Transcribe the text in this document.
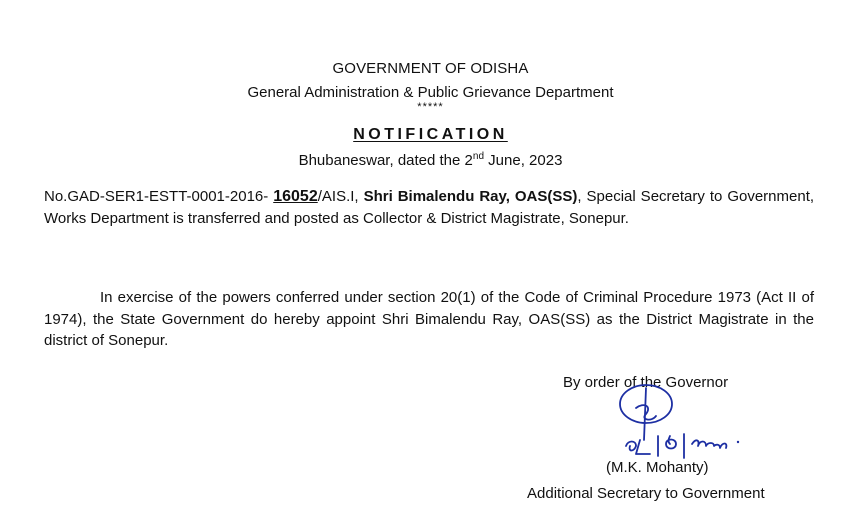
GOVERNMENT OF ODISHA
General Administration & Public Grievance Department
*****
NOTIFICATION
Bhubaneswar, dated the 2nd June, 2023
No.GAD-SER1-ESTT-0001-2016- 16052/AIS.I, Shri Bimalendu Ray, OAS(SS), Special Secretary to Government, Works Department is transferred and posted as Collector & District Magistrate, Sonepur.
In exercise of the powers conferred under section 20(1) of the Code of Criminal Procedure 1973 (Act II of 1974), the State Government do hereby appoint Shri Bimalendu Ray, OAS(SS) as the District Magistrate in the district of Sonepur.
By order of the Governor
(M.K. Mohanty)
Additional Secretary to Government
